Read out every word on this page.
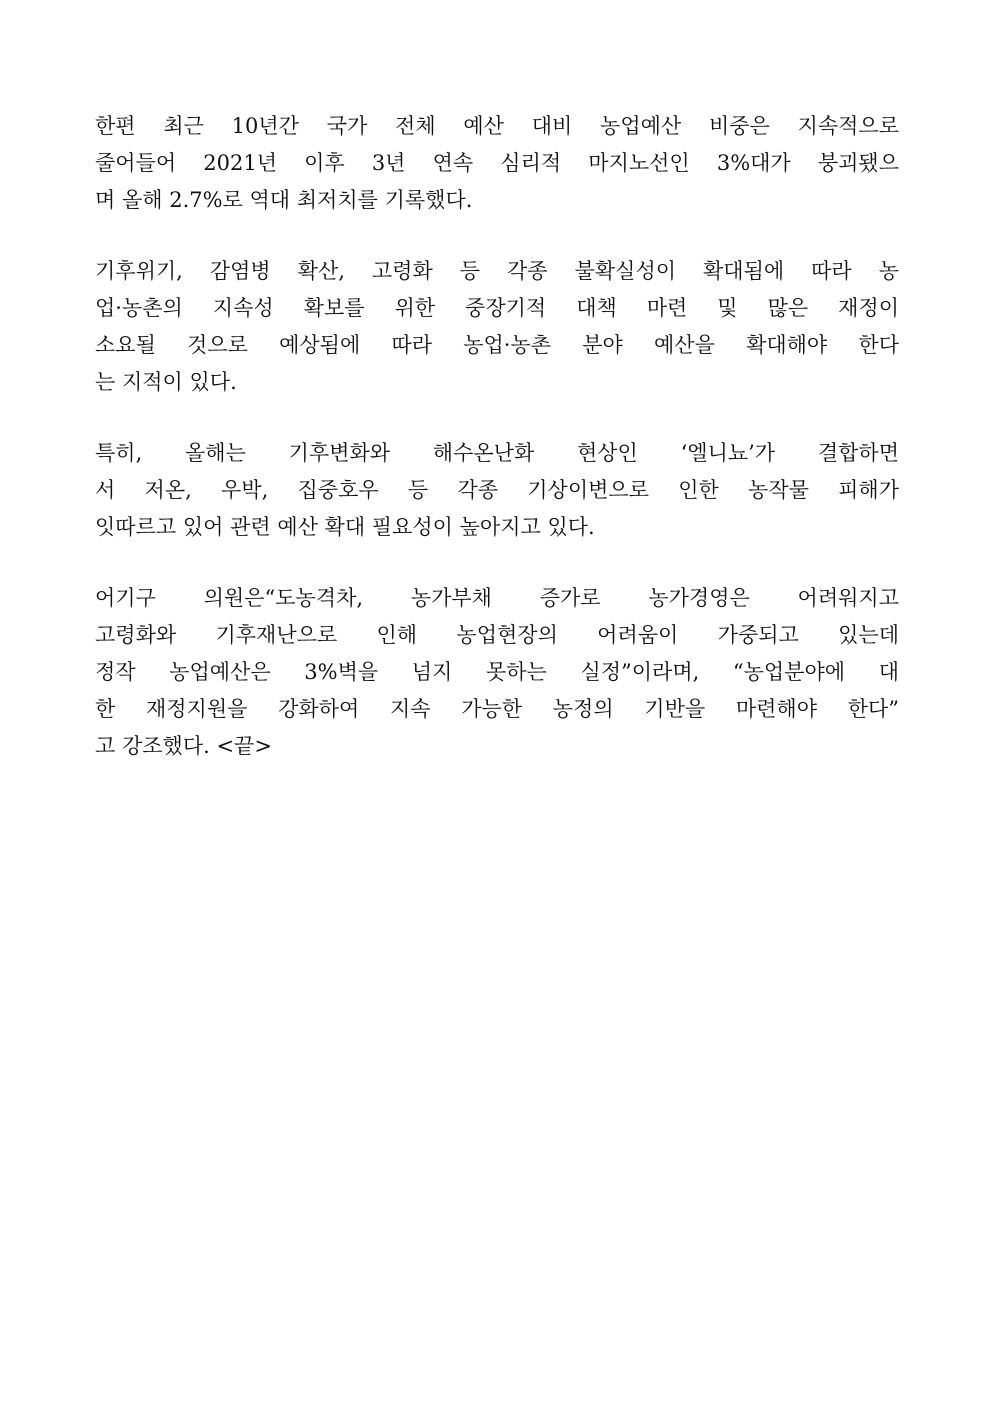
한편 최근 10년간 국가 전체 예산 대비 농업예산 비중은 지속적으로
줄어들어 2021년 이후 3년 연속 심리적 마지노선인 3%대가 붕괴됐으
며 올해 2.7%로 역대 최저치를 기록했다.
기후위기, 감염병 확산, 고령화 등 각종 불확실성이 확대됨에 따라 농
업·농촌의 지속성 확보를 위한 중장기적 대책 마련 및 많은 재정이
소요될 것으로 예상됨에 따라 농업·농촌 분야 예산을 확대해야 한다
는 지적이 있다.
특히, 올해는 기후변화와 해수온난화 현상인 ‘엘니뇨’가 결합하면
서 저온, 우박, 집중호우 등 각종 기상이변으로 인한 농작물 피해가
잇따르고 있어 관련 예산 확대 필요성이 높아지고 있다.
어기구 의원은“도농격차, 농가부채 증가로 농가경영은 어려워지고
고령화와 기후재난으로 인해 농업현장의 어려움이 가중되고 있는데
정작 농업예산은 3%벽을 넘지 못하는 실정”이라며, “농업분야에 대
한 재정지원을 강화하여 지속 가능한 농정의 기반을 마련해야 한다”
고 강조했다. <끝>
